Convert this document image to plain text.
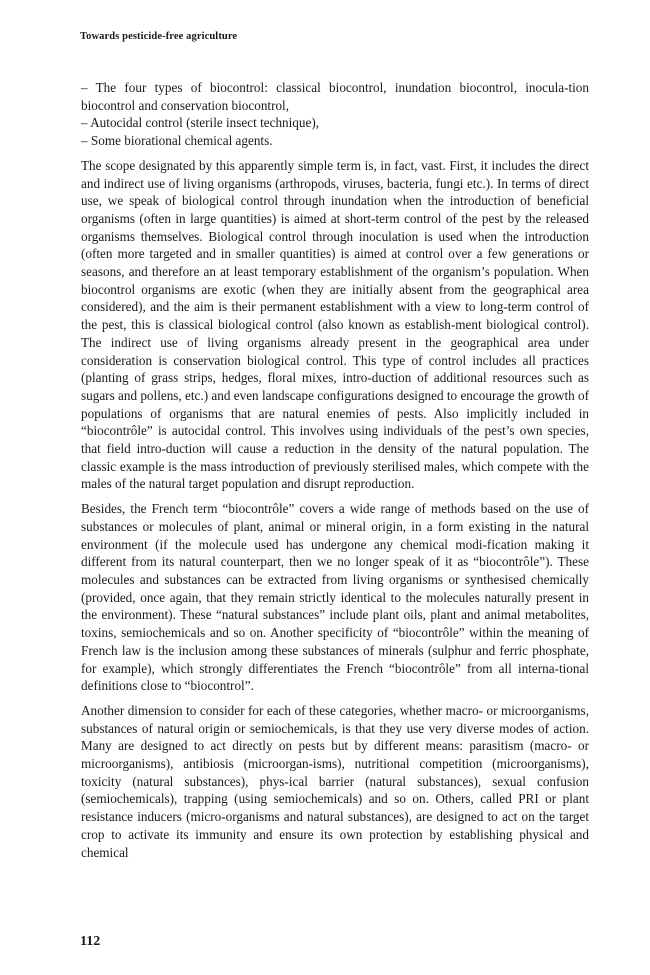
Towards pesticide-free agriculture

– The four types of biocontrol: classical biocontrol, inundation biocontrol, inocula-tion biocontrol and conservation biocontrol,

– Autocidal control (sterile insect technique),

– Some biorational chemical agents.

The scope designated by this apparently simple term is, in fact, vast. First, it includes the direct and indirect use of living organisms (arthropods, viruses, bacteria, fungi etc.). In terms of direct use, we speak of biological control through inundation when the introduction of beneficial organisms (often in large quantities) is aimed at short-term control of the pest by the released organisms themselves. Biological control through inoculation is used when the introduction (often more targeted and in smaller quantities) is aimed at control over a few generations or seasons, and therefore an at least temporary establishment of the organism’s population. When biocontrol organisms are exotic (when they are initially absent from the geographical area considered), and the aim is their permanent establishment with a view to long-term control of the pest, this is classical biological control (also known as establish-ment biological control). The indirect use of living organisms already present in the geographical area under consideration is conservation biological control. This type of control includes all practices (planting of grass strips, hedges, floral mixes, intro-duction of additional resources such as sugars and pollens, etc.) and even landscape configurations designed to encourage the growth of populations of organisms that are natural enemies of pests. Also implicitly included in “biocontrôle” is autocidal control. This involves using individuals of the pest’s own species, that field intro-duction will cause a reduction in the density of the natural population. The classic example is the mass introduction of previously sterilised males, which compete with the males of the natural target population and disrupt reproduction.

Besides, the French term “biocontrôle” covers a wide range of methods based on the use of substances or molecules of plant, animal or mineral origin, in a form existing in the natural environment (if the molecule used has undergone any chemical modi-fication making it different from its natural counterpart, then we no longer speak of it as “biocontrôle”). These molecules and substances can be extracted from living organisms or synthesised chemically (provided, once again, that they remain strictly identical to the molecules naturally present in the environment). These “natural substances” include plant oils, plant and animal metabolites, toxins, semiochemicals and so on. Another specificity of “biocontrôle” within the meaning of French law is the inclusion among these substances of minerals (sulphur and ferric phosphate, for example), which strongly differentiates the French “biocontrôle” from all interna-tional definitions close to “biocontrol”.

Another dimension to consider for each of these categories, whether macro- or microorganisms, substances of natural origin or semiochemicals, is that they use very diverse modes of action. Many are designed to act directly on pests but by different means: parasitism (macro- or microorganisms), antibiosis (microorgan-isms), nutritional competition (microorganisms), toxicity (natural substances), phys-ical barrier (natural substances), sexual confusion (semiochemicals), trapping (using semiochemicals) and so on. Others, called PRI or plant resistance inducers (micro-organisms and natural substances), are designed to act on the target crop to activate its immunity and ensure its own protection by establishing physical and chemical

112
